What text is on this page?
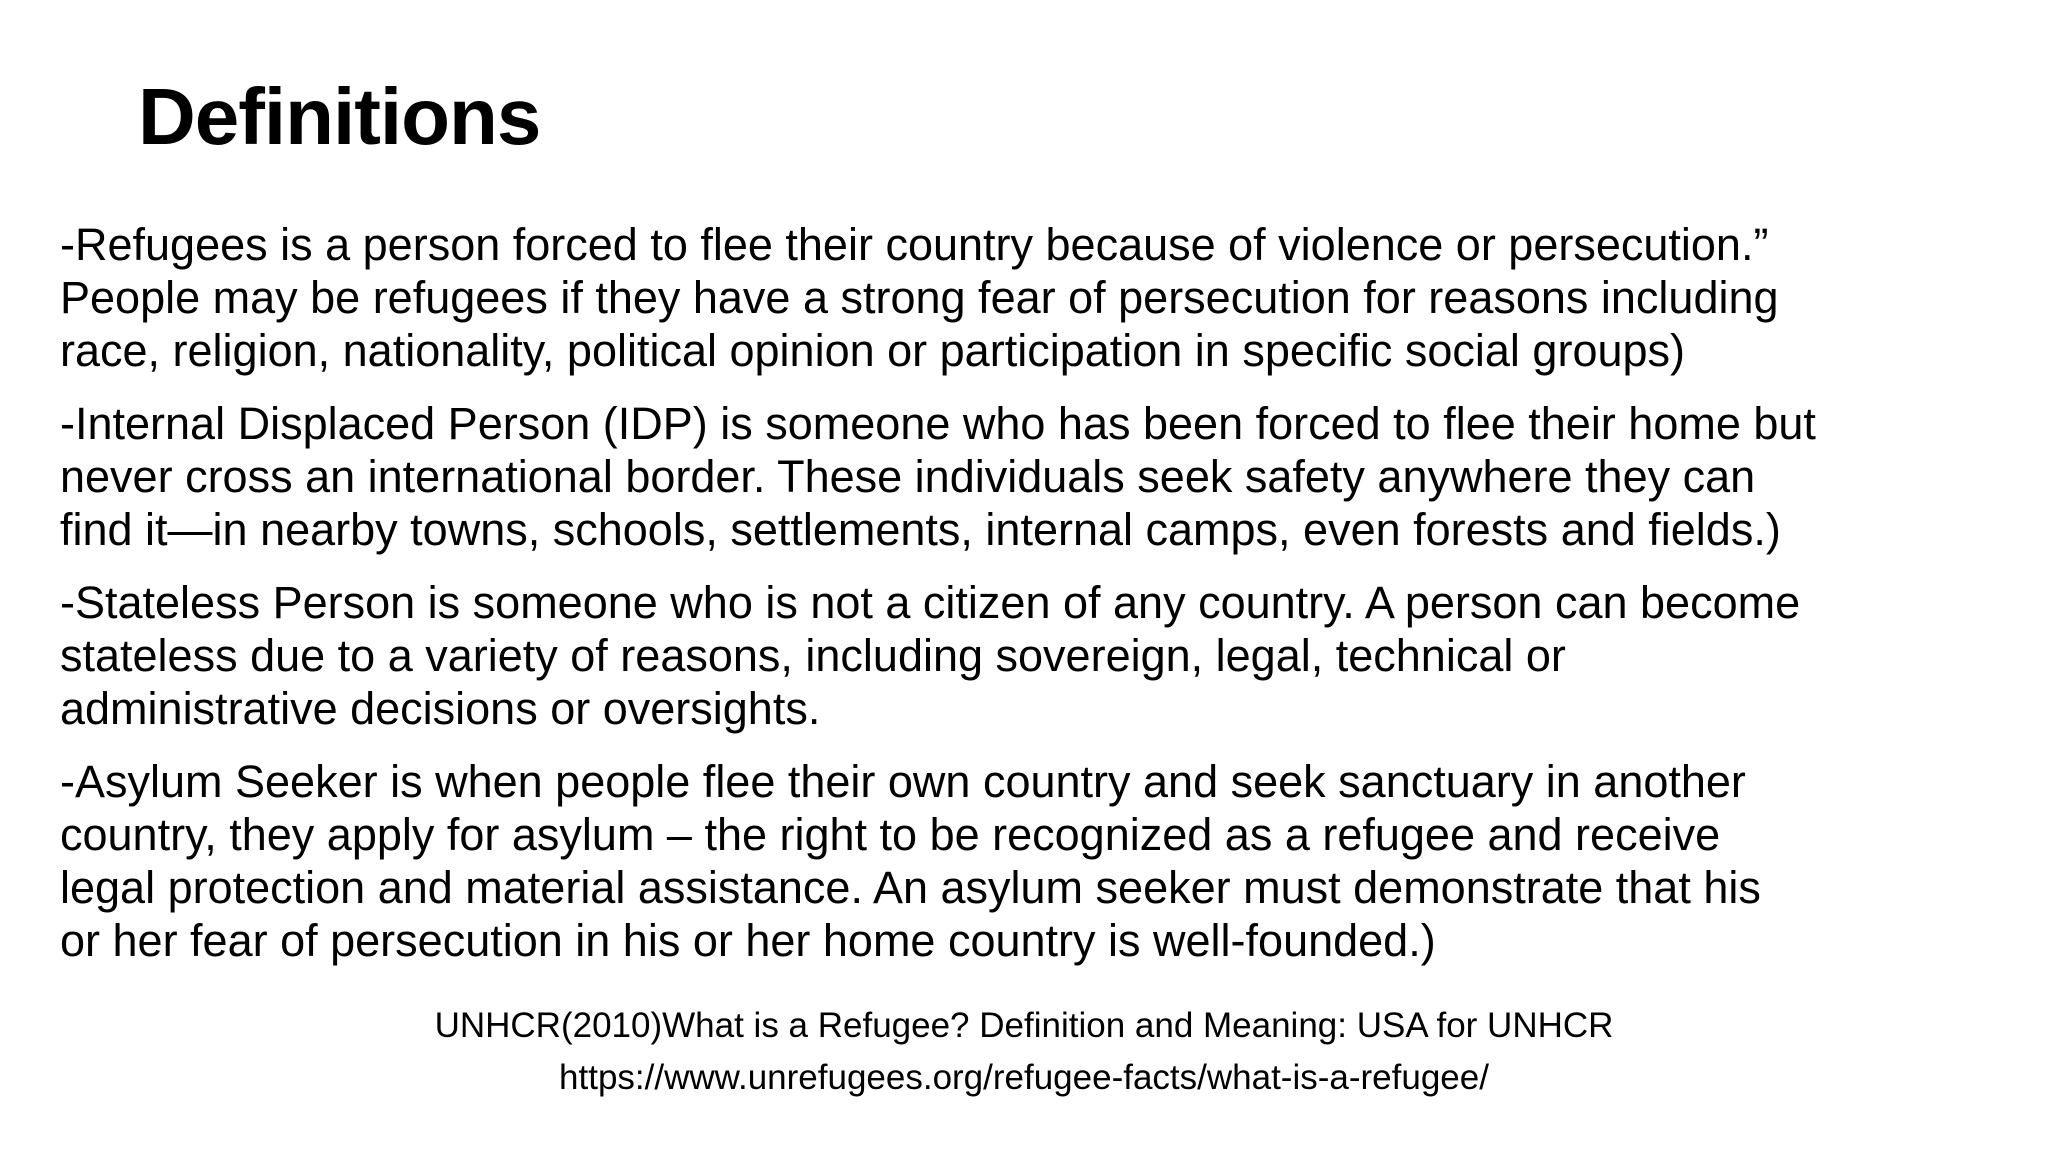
Definitions

-Refugees is a person forced to flee their country because of violence or persecution.”
People may be refugees if they have a strong fear of persecution for reasons including
race, religion, nationality, political opinion or participation in specific social groups)

-Internal Displaced Person (IDP) is someone who has been forced to flee their home but
never cross an international border. These individuals seek safety anywhere they can
find it—in nearby towns, schools, settlements, internal camps, even forests and fields.)

-Stateless Person is someone who is not a citizen of any country. A person can become
stateless due to a variety of reasons, including sovereign, legal, technical or
administrative decisions or oversights.

-Asylum Seeker is when people flee their own country and seek sanctuary in another
country, they apply for asylum – the right to be recognized as a refugee and receive
legal protection and material assistance. An asylum seeker must demonstrate that his
or her fear of persecution in his or her home country is well-founded.)

UNHCR(2010)What is a Refugee? Definition and Meaning: USA for UNHCR
https://www.unrefugees.org/refugee-facts/what-is-a-refugee/
